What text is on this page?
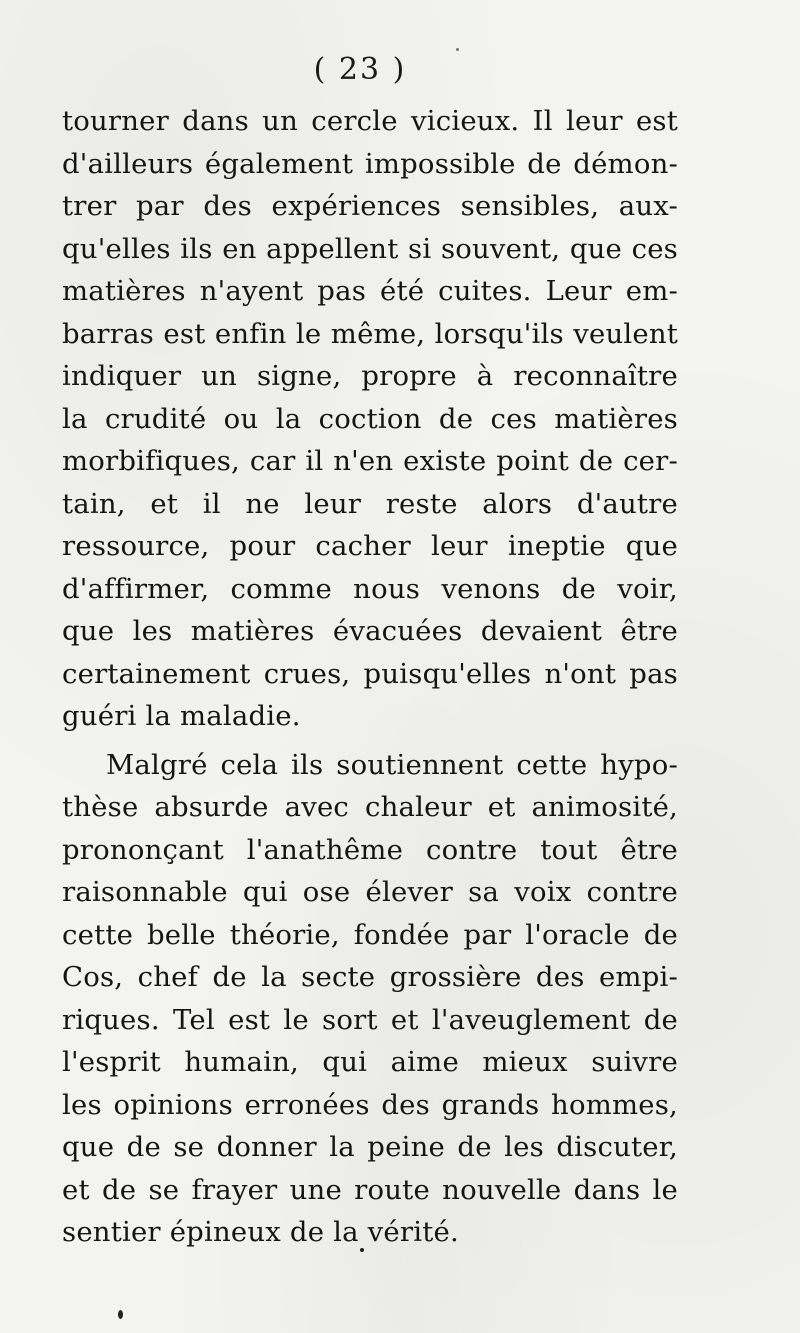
( 23 )
tourner dans un cercle vicieux. Il leur est
d'ailleurs également impossible de démon-
trer par des expériences sensibles, aux-
qu'elles ils en appellent si souvent, que ces
matières n'ayent pas été cuites. Leur em-
barras est enfin le même, lorsqu'ils veulent
indiquer un signe, propre à reconnaître
la crudité ou la coction de ces matières
morbifiques, car il n'en existe point de cer-
tain, et il ne leur reste alors d'autre
ressource, pour cacher leur ineptie que
d'affirmer, comme nous venons de voir,
que les matières évacuées devaient être
certainement crues, puisqu'elles n'ont pas
guéri la maladie.
Malgré cela ils soutiennent cette hypo-
thèse absurde avec chaleur et animosité,
prononçant l'anathême contre tout être
raisonnable qui ose élever sa voix contre
cette belle théorie, fondée par l'oracle de
Cos, chef de la secte grossière des empi-
riques. Tel est le sort et l'aveuglement de
l'esprit humain, qui aime mieux suivre
les opinions erronées des grands hommes,
que de se donner la peine de les discuter,
et de se frayer une route nouvelle dans le
sentier épineux de la vérité.
